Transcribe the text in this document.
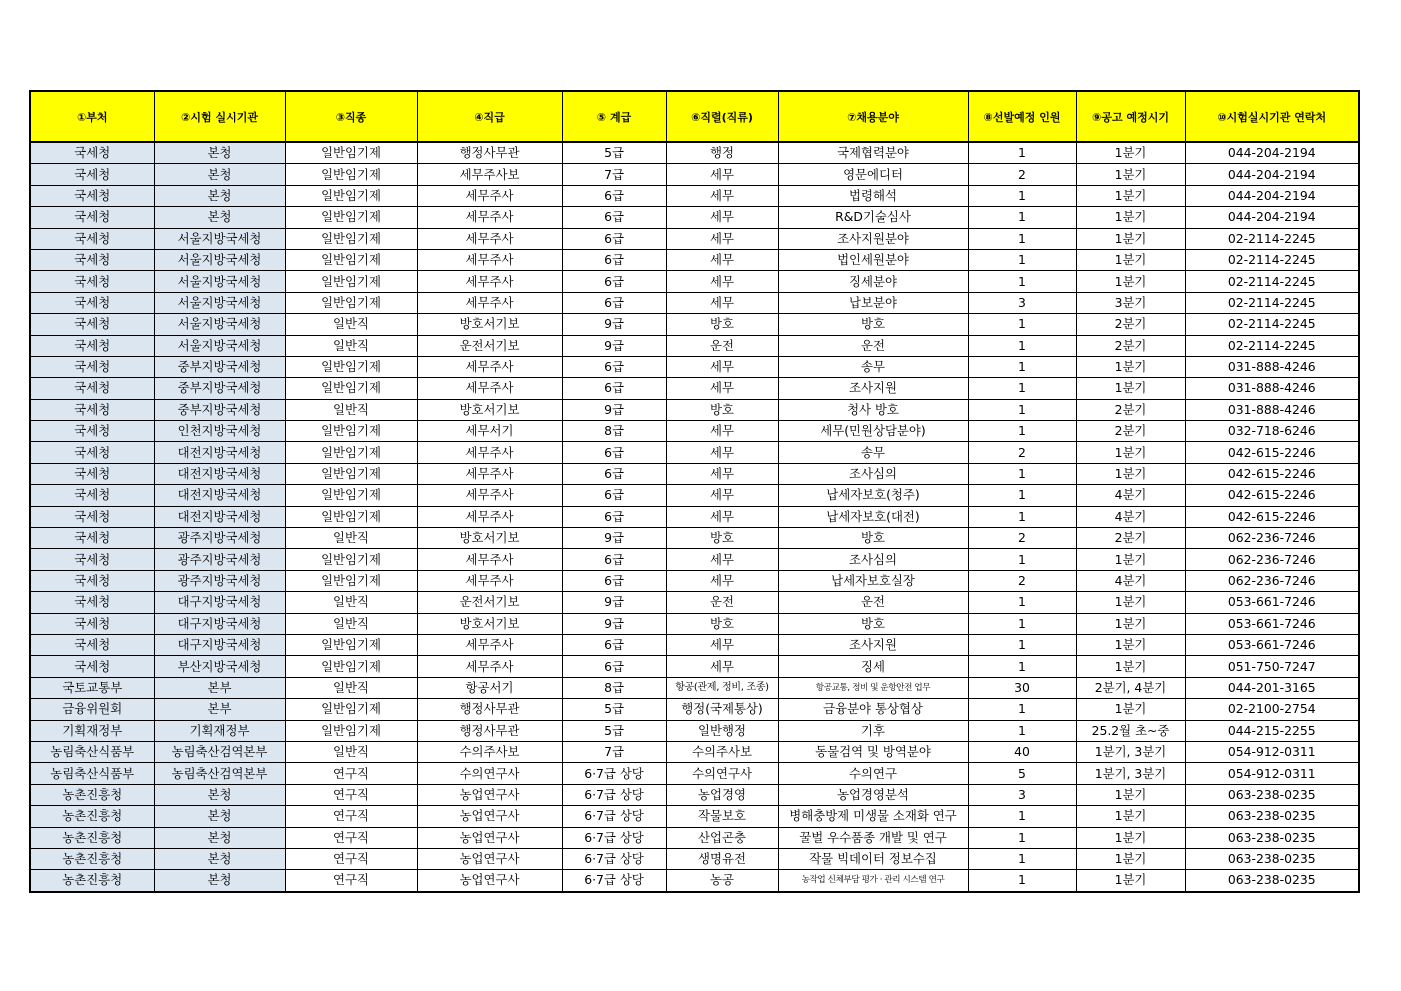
①부처	②시험 실시기관	③직종	④직급	⑤ 계급	⑥직렬(직류)	⑦채용분야	⑧선발예정 인원	⑨공고 예정시기	⑩시험실시기관 연락처
국세청	본청	일반임기제	행정사무관	5급	행정	국제협력분야	1	1분기	044-204-2194
국세청	본청	일반임기제	세무주사보	7급	세무	영문에디터	2	1분기	044-204-2194
국세청	본청	일반임기제	세무주사	6급	세무	법령해석	1	1분기	044-204-2194
국세청	본청	일반임기제	세무주사	6급	세무	R&D기술심사	1	1분기	044-204-2194
국세청	서울지방국세청	일반임기제	세무주사	6급	세무	조사지원분야	1	1분기	02-2114-2245
국세청	서울지방국세청	일반임기제	세무주사	6급	세무	법인세원분야	1	1분기	02-2114-2245
국세청	서울지방국세청	일반임기제	세무주사	6급	세무	징세분야	1	1분기	02-2114-2245
국세청	서울지방국세청	일반임기제	세무주사	6급	세무	납보분야	3	3분기	02-2114-2245
국세청	서울지방국세청	일반직	방호서기보	9급	방호	방호	1	2분기	02-2114-2245
국세청	서울지방국세청	일반직	운전서기보	9급	운전	운전	1	2분기	02-2114-2245
국세청	중부지방국세청	일반임기제	세무주사	6급	세무	송무	1	1분기	031-888-4246
국세청	중부지방국세청	일반임기제	세무주사	6급	세무	조사지원	1	1분기	031-888-4246
국세청	중부지방국세청	일반직	방호서기보	9급	방호	청사 방호	1	2분기	031-888-4246
국세청	인천지방국세청	일반임기제	세무서기	8급	세무	세무(민원상담분야)	1	2분기	032-718-6246
국세청	대전지방국세청	일반임기제	세무주사	6급	세무	송무	2	1분기	042-615-2246
국세청	대전지방국세청	일반임기제	세무주사	6급	세무	조사심의	1	1분기	042-615-2246
국세청	대전지방국세청	일반임기제	세무주사	6급	세무	납세자보호(청주)	1	4분기	042-615-2246
국세청	대전지방국세청	일반임기제	세무주사	6급	세무	납세자보호(대전)	1	4분기	042-615-2246
국세청	광주지방국세청	일반직	방호서기보	9급	방호	방호	2	2분기	062-236-7246
국세청	광주지방국세청	일반임기제	세무주사	6급	세무	조사심의	1	1분기	062-236-7246
국세청	광주지방국세청	일반임기제	세무주사	6급	세무	납세자보호실장	2	4분기	062-236-7246
국세청	대구지방국세청	일반직	운전서기보	9급	운전	운전	1	1분기	053-661-7246
국세청	대구지방국세청	일반직	방호서기보	9급	방호	방호	1	1분기	053-661-7246
국세청	대구지방국세청	일반임기제	세무주사	6급	세무	조사지원	1	1분기	053-661-7246
국세청	부산지방국세청	일반임기제	세무주사	6급	세무	징세	1	1분기	051-750-7247
국토교통부	본부	일반직	항공서기	8급	항공(관제, 정비, 조종)	항공교통, 정비 및 운항안전 업무	30	2분기, 4분기	044-201-3165
금융위원회	본부	일반임기제	행정사무관	5급	행정(국제통상)	금융분야 통상협상	1	1분기	02-2100-2754
기획재정부	기획재정부	일반임기제	행정사무관	5급	일반행정	기후	1	25.2월 초~중	044-215-2255
농림축산식품부	농림축산검역본부	일반직	수의주사보	7급	수의주사보	동물검역 및 방역분야	40	1분기, 3분기	054-912-0311
농림축산식품부	농림축산검역본부	연구직	수의연구사	6·7급 상당	수의연구사	수의연구	5	1분기, 3분기	054-912-0311
농촌진흥청	본청	연구직	농업연구사	6·7급 상당	농업경영	농업경영분석	3	1분기	063-238-0235
농촌진흥청	본청	연구직	농업연구사	6·7급 상당	작물보호	병해충방제 미생물 소재화 연구	1	1분기	063-238-0235
농촌진흥청	본청	연구직	농업연구사	6·7급 상당	산업곤충	꿀벌 우수품종 개발 및 연구	1	1분기	063-238-0235
농촌진흥청	본청	연구직	농업연구사	6·7급 상당	생명유전	작물 빅데이터 정보수집	1	1분기	063-238-0235
농촌진흥청	본청	연구직	농업연구사	6·7급 상당	농공	농작업 신체부담 평가 · 관리 시스템 연구	1	1분기	063-238-0235
